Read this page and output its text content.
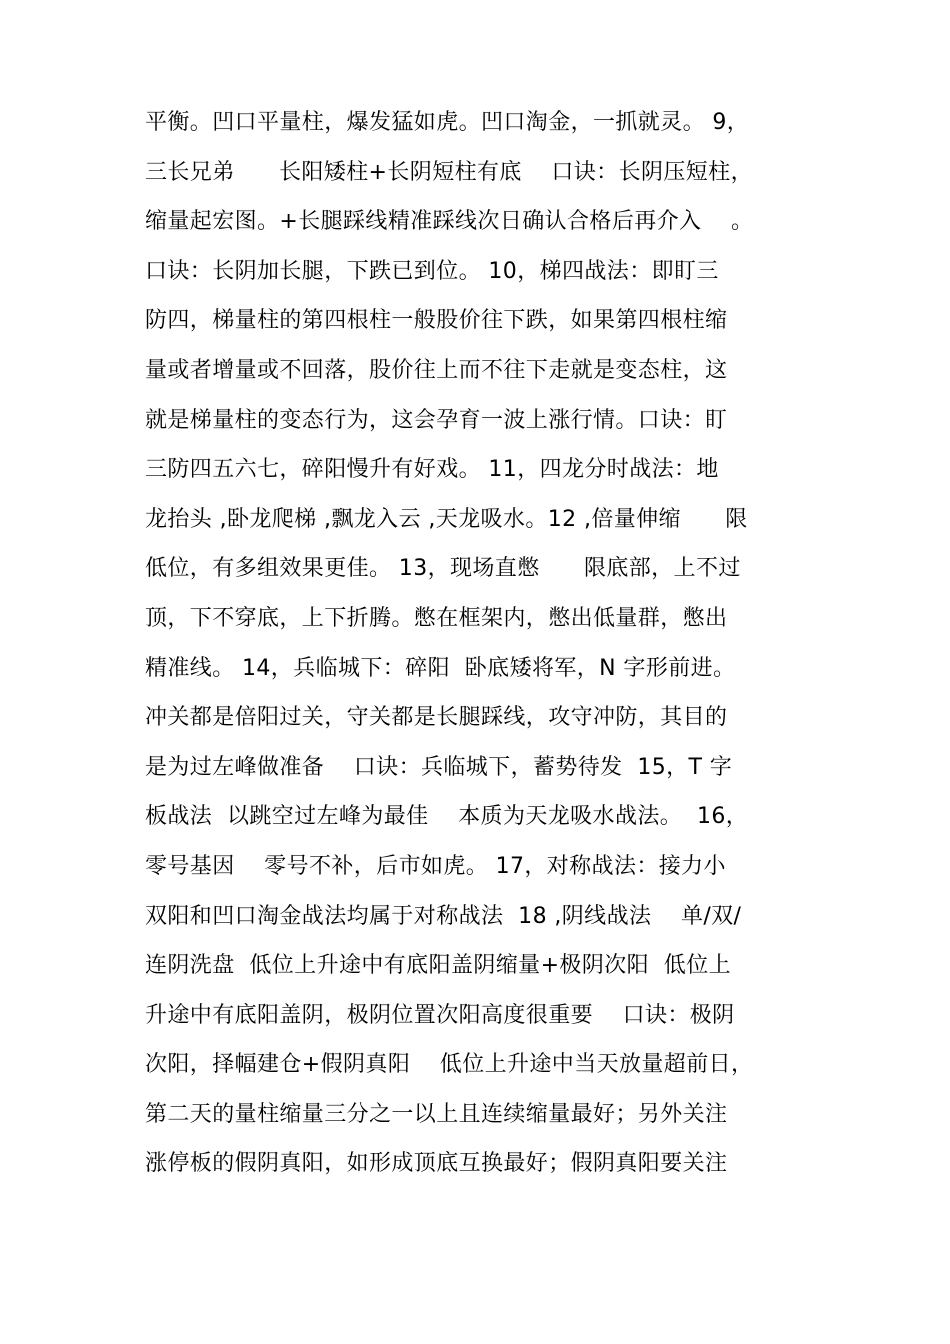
平衡。凹口平量柱，爆发猛如虎。凹口淘金，一抓就灵。 9，
三长兄弟      长阳矮柱+长阴短柱有底    口诀：长阴压短柱，
缩量起宏图。+长腿踩线精准踩线次日确认合格后再介入    。
口诀：长阴加长腿，下跌已到位。 10，梯四战法：即盯三
防四，梯量柱的第四根柱一般股价往下跌，如果第四根柱缩
量或者增量或不回落，股价往上而不往下走就是变态柱，这
就是梯量柱的变态行为，这会孕育一波上涨行情。口诀：盯
三防四五六七，碎阳慢升有好戏。 11，四龙分时战法：地
龙抬头 ,卧龙爬梯 ,飘龙入云 ,天龙吸水。12 ,倍量伸缩      限
低位，有多组效果更佳。 13，现场直憋      限底部，上不过
顶，下不穿底，上下折腾。憋在框架内，憋出低量群，憋出
精准线。 14，兵临城下：碎阳  卧底矮将军，N 字形前进。
冲关都是倍阳过关，守关都是长腿踩线，攻守冲防，其目的
是为过左峰做准备    口诀：兵临城下，蓄势待发  15，T 字
板战法  以跳空过左峰为最佳    本质为天龙吸水战法。  16，
零号基因    零号不补，后市如虎。 17，对称战法：接力小
双阳和凹口淘金战法均属于对称战法  18 ,阴线战法    单/双/
连阴洗盘  低位上升途中有底阳盖阴缩量+极阴次阳  低位上
升途中有底阳盖阴，极阴位置次阳高度很重要    口诀：极阴
次阳，择幅建仓+假阴真阳    低位上升途中当天放量超前日，
第二天的量柱缩量三分之一以上且连续缩量最好；另外关注
涨停板的假阴真阳，如形成顶底互换最好；假阴真阳要关注
